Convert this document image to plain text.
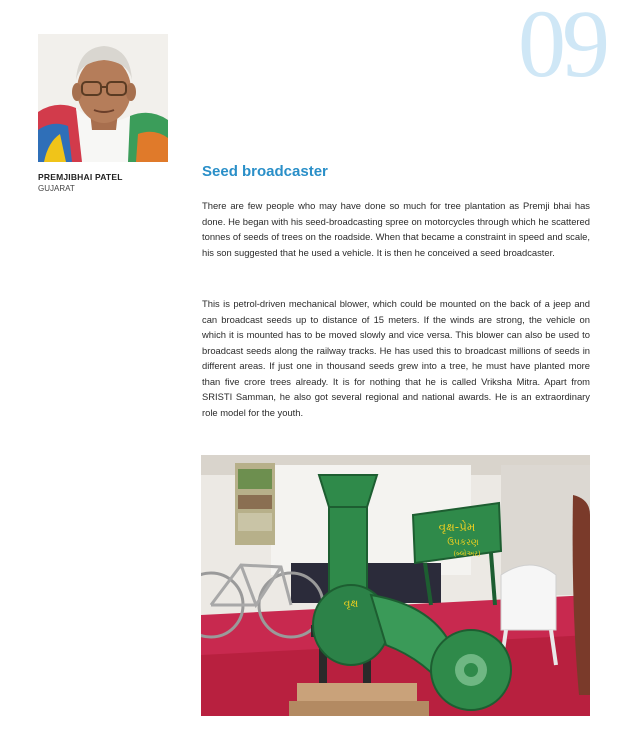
09
PREMJIBHAI PATEL
GUJARAT
Seed broadcaster

There are few people who may have done so much for tree plantation as Premji bhai has done. He began with his seed-broadcasting spree on motorcycles through which he scattered tonnes of seeds of trees on the roadside. When that became a constraint in speed and scale, his son suggested that he used a vehicle. It is then he conceived a seed broadcaster.

This is petrol-driven mechanical blower, which could be mounted on the back of a jeep and can broadcast seeds up to distance of 15 meters. If the winds are strong, the vehicle on which it is mounted has to be moved slowly and vice versa. This blower can also be used to broadcast seeds along the railway tracks. He has used this to broadcast millions of seeds in different areas. If just one in thousand seeds grew into a tree, he must have planted more than five crore trees already. It is for nothing that he is called Vriksha Mitra. Apart from SRISTI Samman, he also got several regional and national awards. He is an extraordinary role model for the youth.

વૃક્ષ
વૃક્ષ-પ્રેમ
ઉપકરણ
(બ્લોઅર)
